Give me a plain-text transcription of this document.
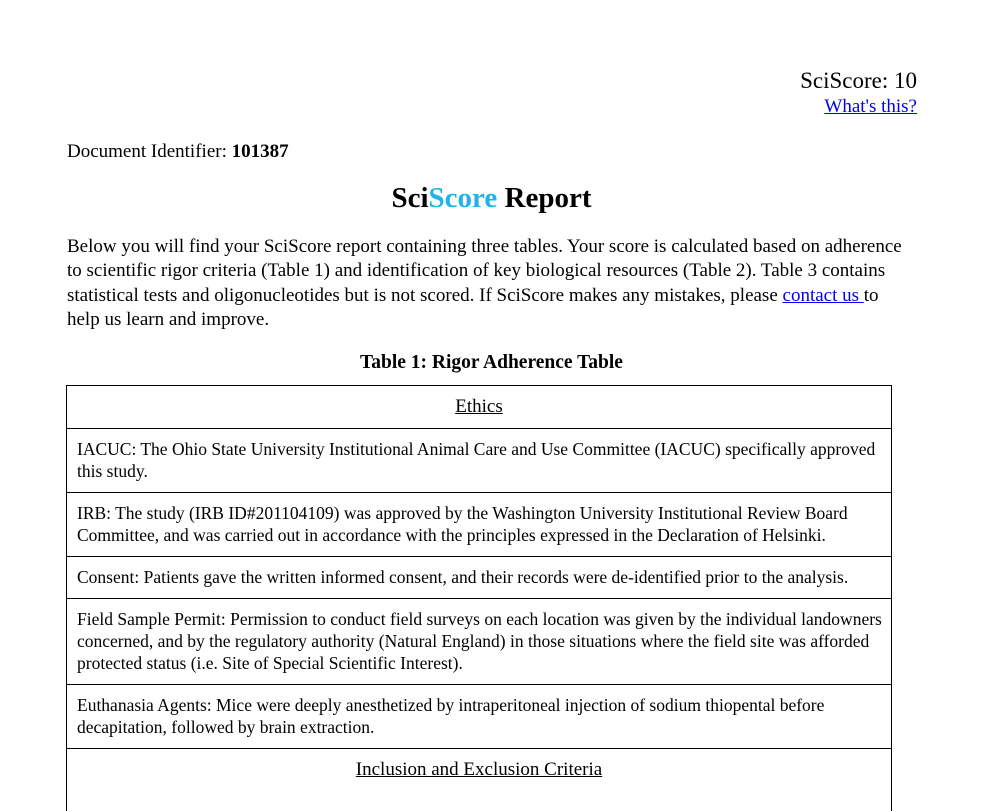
SciScore: 10
What's this?
Document Identifier: 101387
SciScore Report
Below you will find your SciScore report containing three tables. Your score is calculated based on adherence to scientific rigor criteria (Table 1) and identification of key biological resources (Table 2). Table 3 contains statistical tests and oligonucleotides but is not scored. If SciScore makes any mistakes, please contact us to help us learn and improve.
Table 1: Rigor Adherence Table
Ethics
IACUC: The Ohio State University Institutional Animal Care and Use Committee (IACUC) specifically approved this study.
IRB: The study (IRB ID#201104109) was approved by the Washington University Institutional Review Board Committee, and was carried out in accordance with the principles expressed in the Declaration of Helsinki.
Consent: Patients gave the written informed consent, and their records were de-identified prior to the analysis.
Field Sample Permit: Permission to conduct field surveys on each location was given by the individual landowners concerned, and by the regulatory authority (Natural England) in those situations where the field site was afforded protected status (i.e. Site of Special Scientific Interest).
Euthanasia Agents: Mice were deeply anesthetized by intraperitoneal injection of sodium thiopental before decapitation, followed by brain extraction.
Inclusion and Exclusion Criteria
